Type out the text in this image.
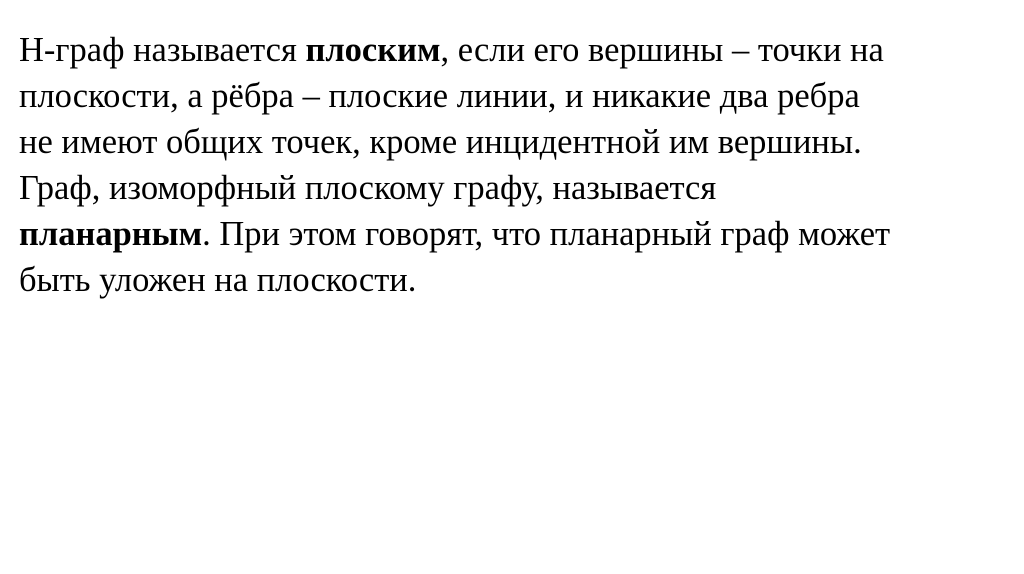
Н-граф называется плоским, если его вершины – точки на
плоскости, а рёбра – плоские линии, и никакие два ребра
не имеют общих точек, кроме инцидентной им вершины.
Граф, изоморфный плоскому графу, называется
планарным. При этом говорят, что планарный граф может
быть уложен на плоскости.
